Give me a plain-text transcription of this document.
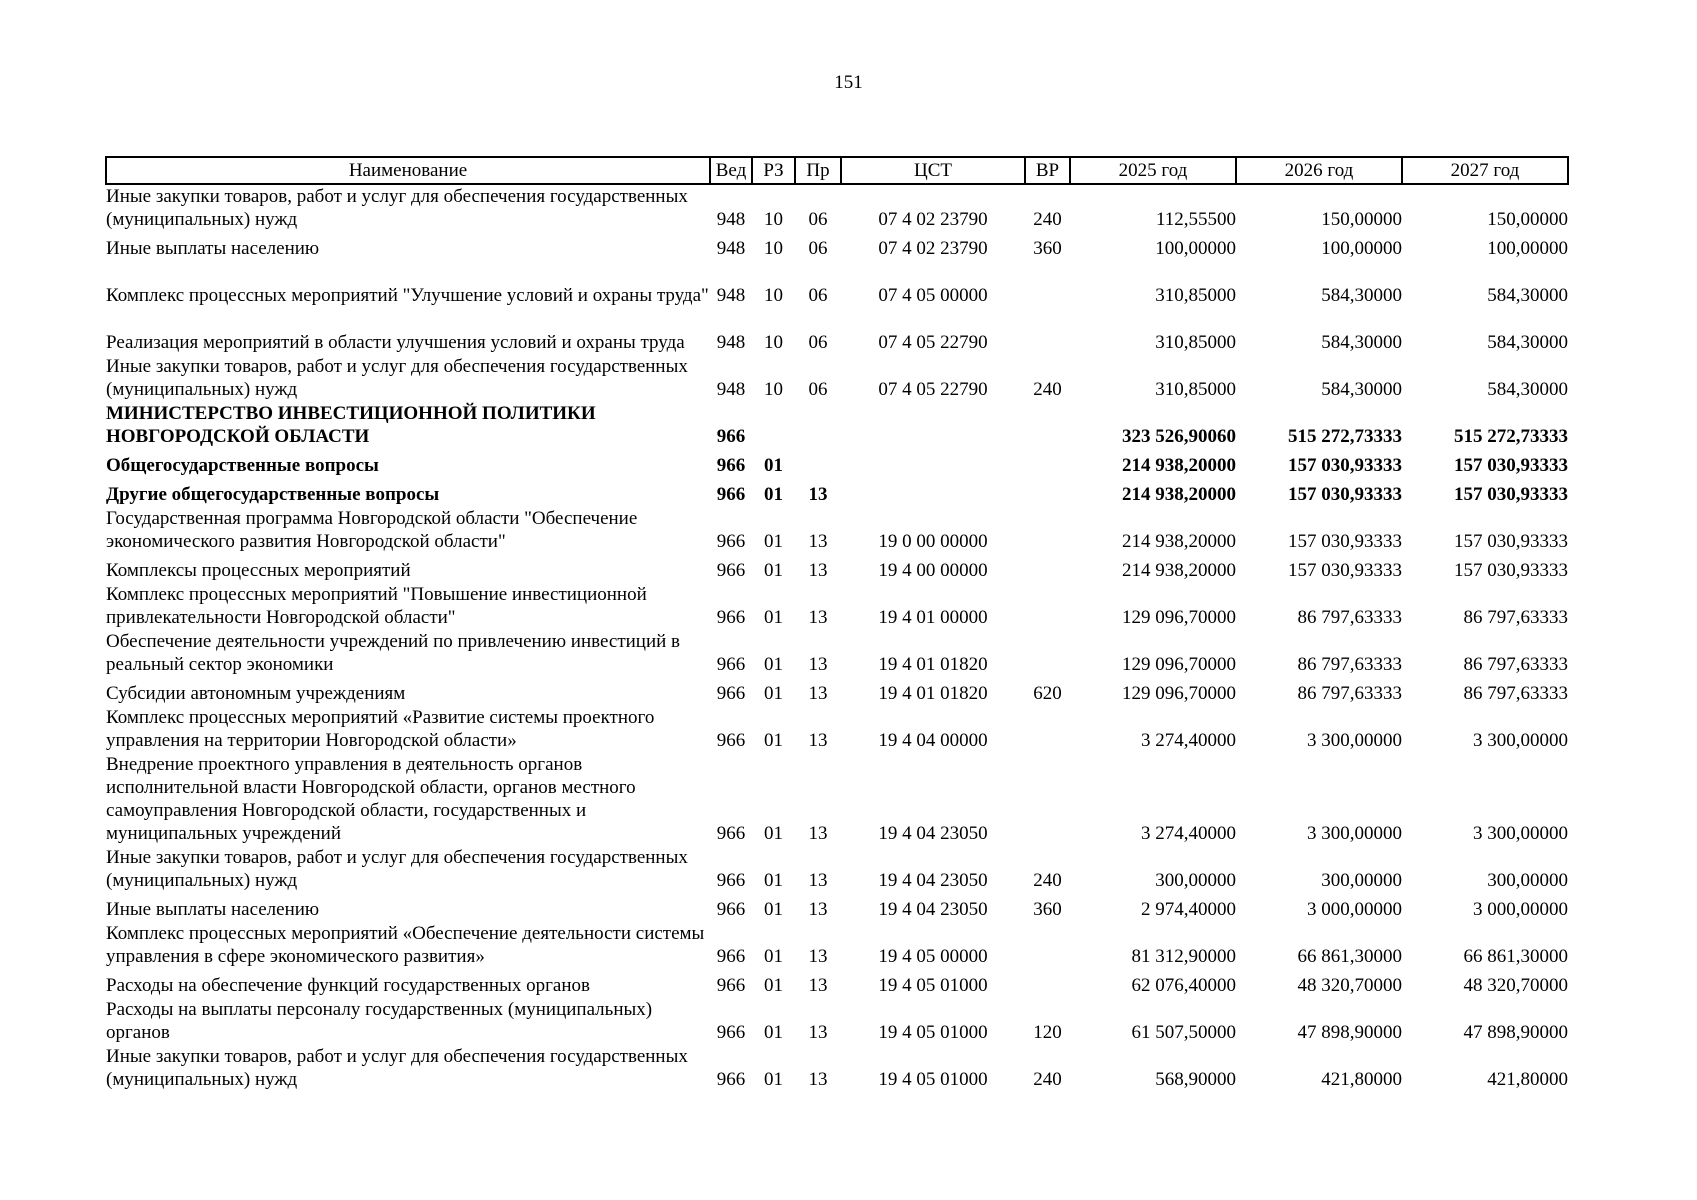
151
Наименование	Вед	РЗ	Пр	ЦСТ	ВР	2025 год	2026 год	2027 год
Иные закупки товаров, работ и услуг для обеспечения государственных (муниципальных) нужд	948	10	06	07 4 02 23790	240	112,55500	150,00000	150,00000
Иные выплаты населению	948	10	06	07 4 02 23790	360	100,00000	100,00000	100,00000
Комплекс процессных мероприятий "Улучшение условий и охраны труда"	948	10	06	07 4 05 00000		310,85000	584,30000	584,30000
Реализация мероприятий в области улучшения условий и охраны труда	948	10	06	07 4 05 22790		310,85000	584,30000	584,30000
Иные закупки товаров, работ и услуг для обеспечения государственных (муниципальных) нужд	948	10	06	07 4 05 22790	240	310,85000	584,30000	584,30000
МИНИСТЕРСТВО ИНВЕСТИЦИОННОЙ ПОЛИТИКИ НОВГОРОДСКОЙ ОБЛАСТИ	966					323 526,90060	515 272,73333	515 272,73333
Общегосударственные вопросы	966	01				214 938,20000	157 030,93333	157 030,93333
Другие общегосударственные вопросы	966	01	13			214 938,20000	157 030,93333	157 030,93333
Государственная программа Новгородской области "Обеспечение экономического развития Новгородской области"	966	01	13	19 0 00 00000		214 938,20000	157 030,93333	157 030,93333
Комплексы процессных мероприятий	966	01	13	19 4 00 00000		214 938,20000	157 030,93333	157 030,93333
Комплекс процессных мероприятий "Повышение инвестиционной привлекательности Новгородской области"	966	01	13	19 4 01 00000		129 096,70000	86 797,63333	86 797,63333
Обеспечение деятельности учреждений по привлечению инвестиций в реальный сектор экономики	966	01	13	19 4 01 01820		129 096,70000	86 797,63333	86 797,63333
Субсидии автономным учреждениям	966	01	13	19 4 01 01820	620	129 096,70000	86 797,63333	86 797,63333
Комплекс процессных мероприятий «Развитие системы проектного управления на территории Новгородской области»	966	01	13	19 4 04 00000		3 274,40000	3 300,00000	3 300,00000
Внедрение проектного управления в деятельность органов исполнительной власти Новгородской области, органов местного самоуправления Новгородской области, государственных и муниципальных учреждений	966	01	13	19 4 04 23050		3 274,40000	3 300,00000	3 300,00000
Иные закупки товаров, работ и услуг для обеспечения государственных (муниципальных) нужд	966	01	13	19 4 04 23050	240	300,00000	300,00000	300,00000
Иные выплаты населению	966	01	13	19 4 04 23050	360	2 974,40000	3 000,00000	3 000,00000
Комплекс процессных мероприятий «Обеспечение деятельности системы управления в сфере экономического развития»	966	01	13	19 4 05 00000		81 312,90000	66 861,30000	66 861,30000
Расходы на обеспечение функций государственных органов	966	01	13	19 4 05 01000		62 076,40000	48 320,70000	48 320,70000
Расходы на выплаты персоналу государственных (муниципальных) органов	966	01	13	19 4 05 01000	120	61 507,50000	47 898,90000	47 898,90000
Иные закупки товаров, работ и услуг для обеспечения государственных (муниципальных) нужд	966	01	13	19 4 05 01000	240	568,90000	421,80000	421,80000
